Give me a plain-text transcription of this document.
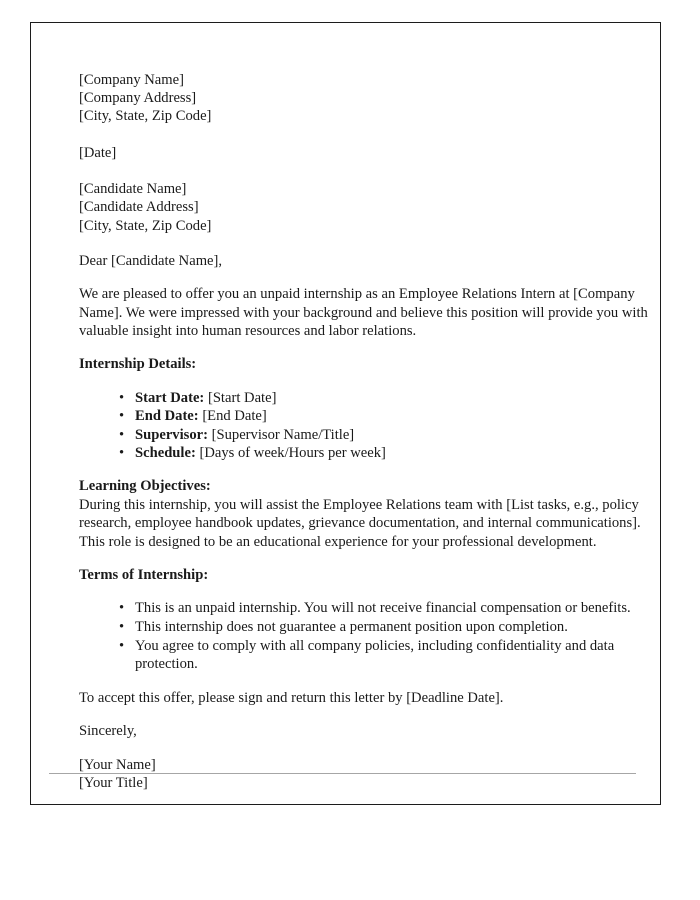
[Company Name]
[Company Address]
[City, State, Zip Code]
[Date]
[Candidate Name]
[Candidate Address]
[City, State, Zip Code]

Dear [Candidate Name],

We are pleased to offer you an unpaid internship as an Employee Relations Intern at [Company Name]. We were impressed with your background and believe this position will provide you with valuable insight into human resources and labor relations.

Internship Details:

• Start Date: [Start Date]
• End Date: [End Date]
• Supervisor: [Supervisor Name/Title]
• Schedule: [Days of week/Hours per week]

Learning Objectives:

During this internship, you will assist the Employee Relations team with [List tasks, e.g., policy research, employee handbook updates, grievance documentation, and internal communications]. This role is designed to be an educational experience for your professional development.

Terms of Internship:

• This is an unpaid internship. You will not receive financial compensation or benefits.
• This internship does not guarantee a permanent position upon completion.
• You agree to comply with all company policies, including confidentiality and data protection.

To accept this offer, please sign and return this letter by [Deadline Date].

Sincerely,

[Your Name]
[Your Title]
